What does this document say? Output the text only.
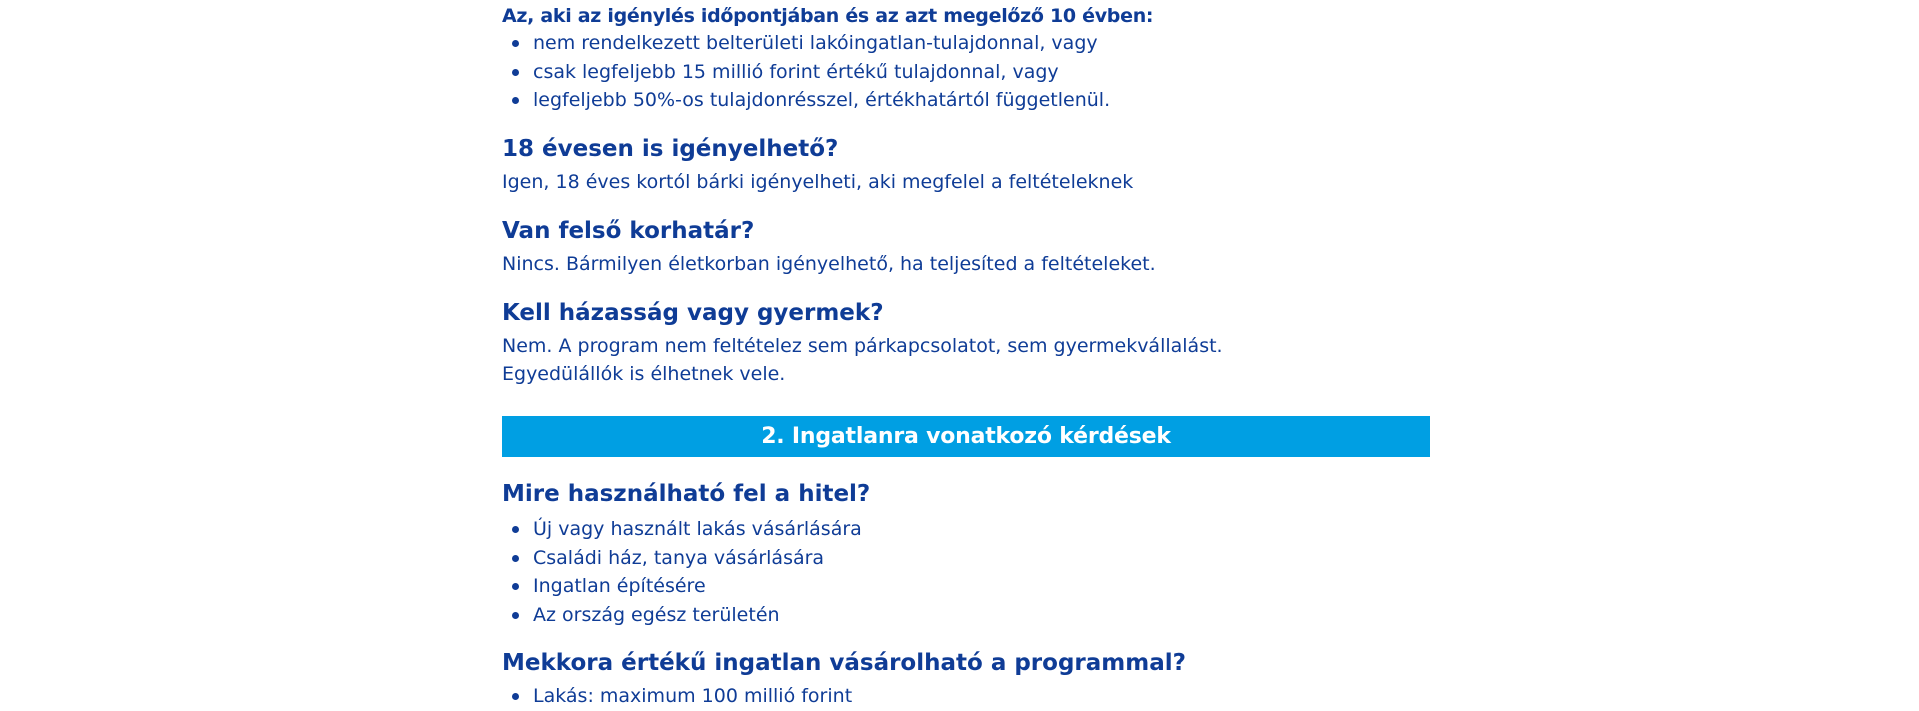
Az, aki az igénylés időpontjában és az azt megelőző 10 évben:
nem rendelkezett belterületi lakóingatlan-tulajdonnal, vagy
csak legfeljebb 15 millió forint értékű tulajdonnal, vagy
legfeljebb 50%-os tulajdonrésszel, értékhatártól függetlenül.
18 évesen is igényelhető?
Igen, 18 éves kortól bárki igényelheti, aki megfelel a feltételeknek
Van felső korhatár?
Nincs. Bármilyen életkorban igényelhető, ha teljesíted a feltételeket.
Kell házasság vagy gyermek?
Nem. A program nem feltételez sem párkapcsolatot, sem gyermekvállalást.
Egyedülállók is élhetnek vele.
2. Ingatlanra vonatkozó kérdések
Mire használható fel a hitel?
Új vagy használt lakás vásárlására
Családi ház, tanya vásárlására
Ingatlan építésére
Az ország egész területén
Mekkora értékű ingatlan vásárolható a programmal?
Lakás: maximum 100 millió forint
